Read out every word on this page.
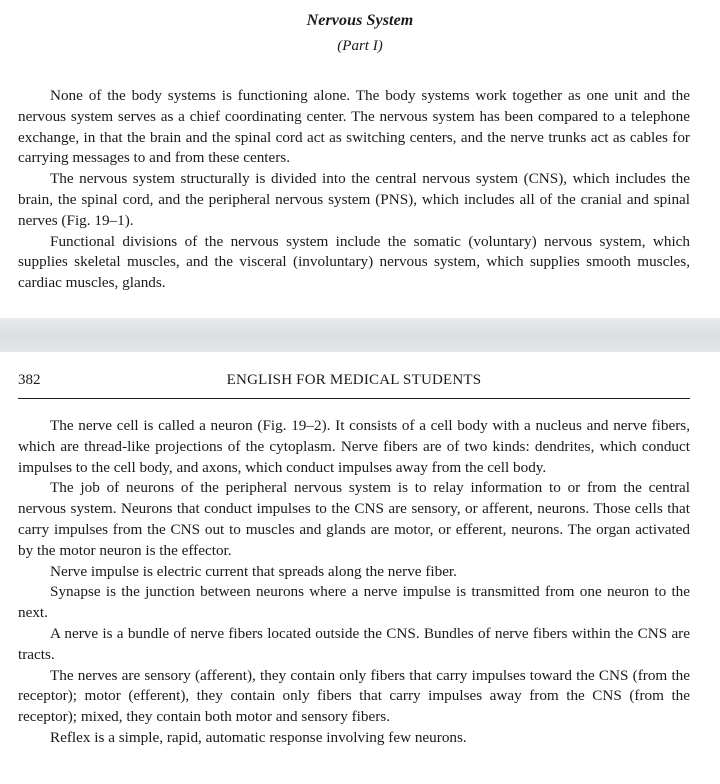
Nervous System
(Part I)

None of the body systems is functioning alone. The body systems work together as one unit and the nervous system serves as a chief coordinating center. The nervous system has been compared to a telephone exchange, in that the brain and the spinal cord act as switching centers, and the nerve trunks act as cables for carrying messages to and from these centers.

The nervous system structurally is divided into the central nervous system (CNS), which includes the brain, the spinal cord, and the peripheral nervous system (PNS), which includes all of the cranial and spinal nerves (Fig. 19–1).

Functional divisions of the nervous system include the somatic (voluntary) nervous system, which supplies skeletal muscles, and the visceral (involuntary) nervous system, which supplies smooth muscles, cardiac muscles, glands.

382	ENGLISH FOR MEDICAL STUDENTS

The nerve cell is called a neuron (Fig. 19–2). It consists of a cell body with a nucleus and nerve fibers, which are thread-like projections of the cytoplasm. Nerve fibers are of two kinds: dendrites, which conduct impulses to the cell body, and axons, which conduct impulses away from the cell body.

The job of neurons of the peripheral nervous system is to relay information to or from the central nervous system. Neurons that conduct impulses to the CNS are sensory, or afferent, neurons. Those cells that carry impulses from the CNS out to muscles and glands are motor, or efferent, neurons. The organ activated by the motor neuron is the effector.

Nerve impulse is electric current that spreads along the nerve fiber.

Synapse is the junction between neurons where a nerve impulse is transmitted from one neuron to the next.

A nerve is a bundle of nerve fibers located outside the CNS. Bundles of nerve fibers within the CNS are tracts.

The nerves are sensory (afferent), they contain only fibers that carry impulses toward the CNS (from the receptor); motor (efferent), they contain only fibers that carry impulses away from the CNS (from the receptor); mixed, they contain both motor and sensory fibers.

Reflex is a simple, rapid, automatic response involving few neurons.
